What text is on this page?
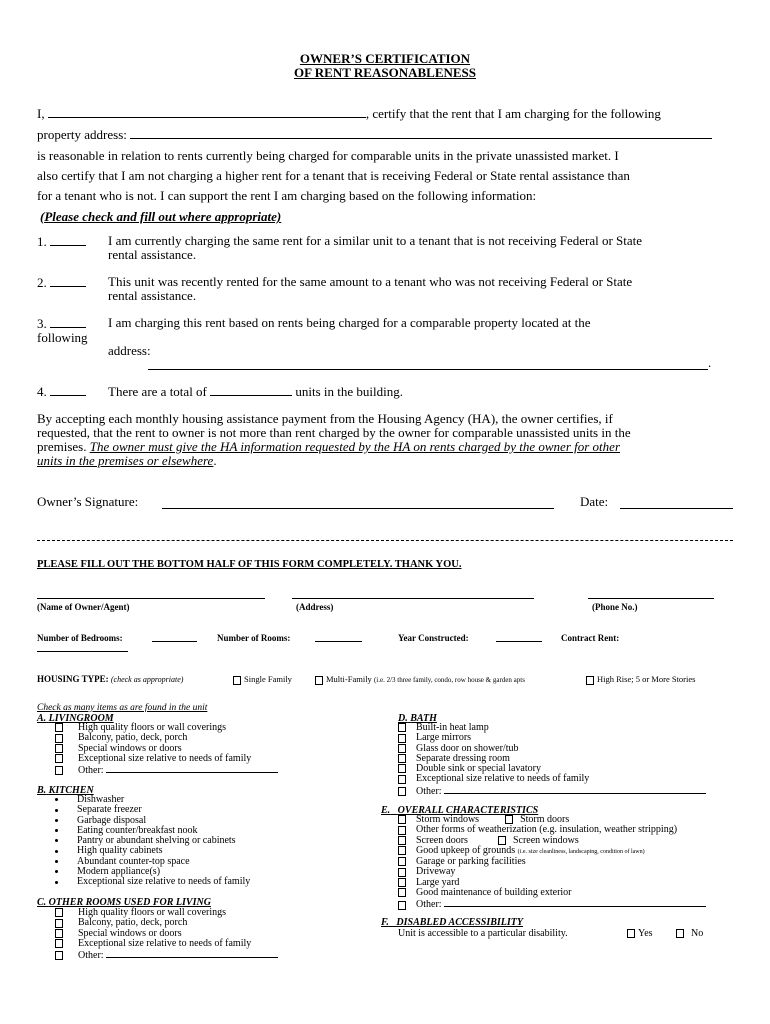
OWNER’S CERTIFICATION
OF RENT REASONABLENESS
I,	, certify that the rent that I am charging for the following
property address:
is reasonable in relation to rents currently being charged for comparable units in the private unassisted market. I
also certify that I am not charging a higher rent for a tenant that is receiving Federal or State rental assistance than
for a tenant who is not. I can support the rent I am charging based on the following information:
(Please check and fill out where appropriate)
1.	I am currently charging the same rent for a similar unit to a tenant that is not receiving Federal or State
rental assistance.
2.	This unit was recently rented for the same amount to a tenant who was not receiving Federal or State
rental assistance.
3.
following
I am charging this rent based on rents being charged for a comparable property located at the
address:
.
4.	There are a total of	units in the building.
By accepting each monthly housing assistance payment from the Housing Agency (HA), the owner certifies, if
requested, that the rent to owner is not more than rent charged by the owner for comparable unassisted units in the
premises. The owner must give the HA information requested by the HA on rents charged by the owner for other
units in the premises or elsewhere.
Owner’s Signature:	Date:
PLEASE FILL OUT THE BOTTOM HALF OF THIS FORM COMPLETELY. THANK YOU.
(Name of Owner/Agent)	(Address)	(Phone No.)
Number of Bedrooms:	Number of Rooms:	Year Constructed:	Contract Rent:
HOUSING TYPE: (check as appropriate)	Single Family	Multi-Family (i.e. 2/3 three family, condo, row house & garden apts	High Rise; 5 or More Stories
Check as many items as are found in the unit
A. LIVINGROOM
High quality floors or wall coverings
Balcony, patio, deck, porch
Special windows or doors
Exceptional size relative to needs of family
Other:
B. KITCHEN
Dishwasher
Separate freezer
Garbage disposal
Eating counter/breakfast nook
Pantry or abundant shelving or cabinets
High quality cabinets
Abundant counter-top space
Modern appliance(s)
Exceptional size relative to needs of family
C. OTHER ROOMS USED FOR LIVING
High quality floors or wall coverings
Balcony, patio, deck, porch
Special windows or doors
Exceptional size relative to needs of family
Other:
D. BATH
Built-in heat lamp
Large mirrors
Glass door on shower/tub
Separate dressing room
Double sink or special lavatory
Exceptional size relative to needs of family
Other:
E. OVERALL CHARACTERISTICS
Storm windows	Storm doors
Other forms of weatherization (e.g. insulation, weather stripping)
Screen doors	Screen windows
Good upkeep of grounds (i.e. size cleanliness, landscaping, condition of lawn)
Garage or parking facilities
Driveway
Large yard
Good maintenance of building exterior
Other:
F. DISABLED ACCESSIBILITY
Unit is accessible to a particular disability.	Yes	No
